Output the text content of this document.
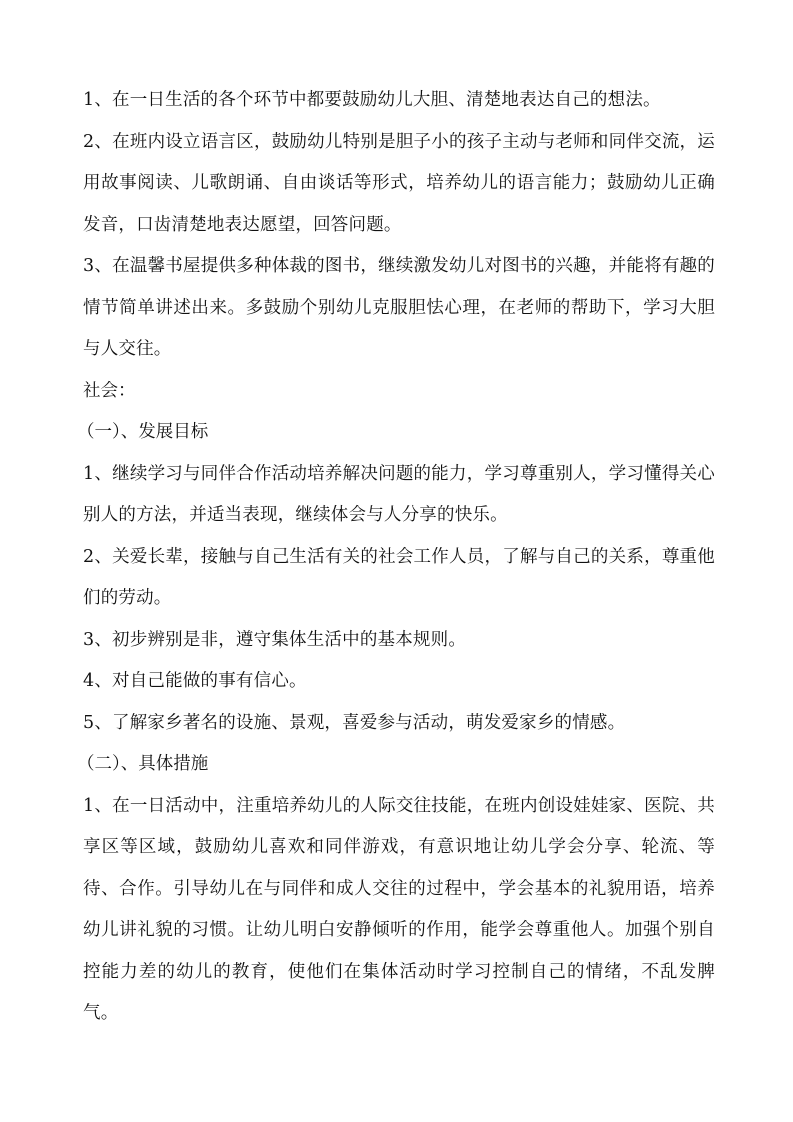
1、在一日生活的各个环节中都要鼓励幼儿大胆、清楚地表达自己的想法。

2、在班内设立语言区，鼓励幼儿特别是胆子小的孩子主动与老师和同伴交流，运用故事阅读、儿歌朗诵、自由谈话等形式，培养幼儿的语言能力；鼓励幼儿正确发音，口齿清楚地表达愿望，回答问题。

3、在温馨书屋提供多种体裁的图书，继续激发幼儿对图书的兴趣，并能将有趣的情节简单讲述出来。多鼓励个别幼儿克服胆怯心理，在老师的帮助下，学习大胆与人交往。

社会：

（一）、发展目标

1、继续学习与同伴合作活动培养解决问题的能力，学习尊重别人，学习懂得关心别人的方法，并适当表现，继续体会与人分享的快乐。

2、关爱长辈，接触与自己生活有关的社会工作人员，了解与自己的关系，尊重他们的劳动。

3、初步辨别是非，遵守集体生活中的基本规则。

4、对自己能做的事有信心。

5、了解家乡著名的设施、景观，喜爱参与活动，萌发爱家乡的情感。

（二）、具体措施

1、在一日活动中，注重培养幼儿的人际交往技能，在班内创设娃娃家、医院、共享区等区域，鼓励幼儿喜欢和同伴游戏，有意识地让幼儿学会分享、轮流、等待、合作。引导幼儿在与同伴和成人交往的过程中，学会基本的礼貌用语，培养幼儿讲礼貌的习惯。让幼儿明白安静倾听的作用，能学会尊重他人。加强个别自控能力差的幼儿的教育，使他们在集体活动时学习控制自己的情绪，不乱发脾气。
